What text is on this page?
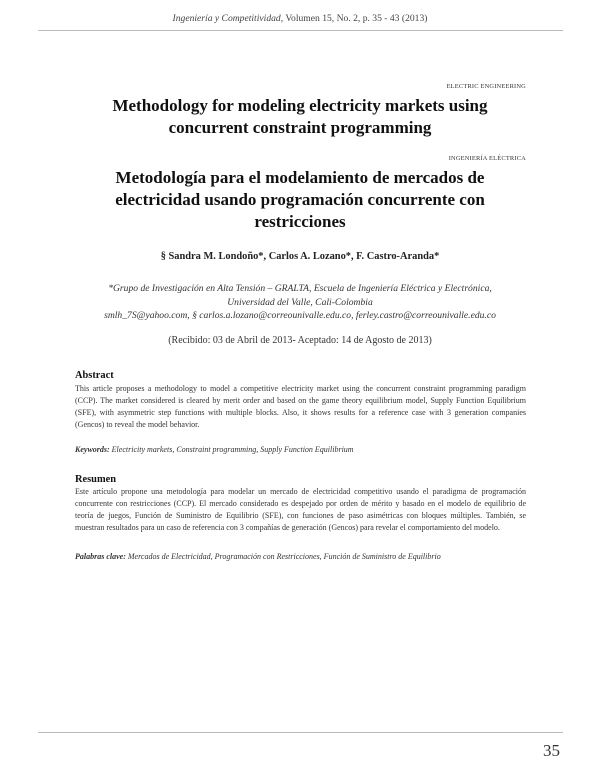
Ingeniería y Competitividad, Volumen 15, No. 2, p. 35 - 43 (2013)
ELECTRIC ENGINEERING
Methodology for modeling electricity markets using
concurrent constraint programming
INGENIERÍA ELÉCTRICA
Metodología para el modelamiento de mercados de
electricidad usando programación concurrente con
restricciones
§ Sandra M. Londoño*, Carlos A. Lozano*, F. Castro-Aranda*
*Grupo de Investigación en Alta Tensión – GRALTA, Escuela de Ingeniería Eléctrica y Electrónica,
Universidad del Valle, Cali-Colombia
smlh_7S@yahoo.com, § carlos.a.lozano@correounivalle.edu.co, ferley.castro@correounivalle.edu.co
(Recibido: 03 de Abril de 2013- Aceptado: 14 de Agosto de 2013)
Abstract
This article proposes a methodology to model a competitive electricity market using the concurrent constraint programming paradigm (CCP). The market considered is cleared by merit order and based on the game theory equilibrium model, Supply Function Equilibrium (SFE), with asymmetric step functions with multiple blocks. Also, it shows results for a reference case with 3 generation companies (Gencos) to reveal the model behavior.
Keywords: Electricity markets, Constraint programming, Supply Function Equilibrium
Resumen
Este artículo propone una metodología para modelar un mercado de electricidad competitivo usando el paradigma de programación concurrente con restricciones (CCP). El mercado considerado es despejado por orden de mérito y basado en el modelo de equilibrio de teoría de juegos, Función de Suministro de Equilibrio (SFE), con funciones de paso asimétricas con bloques múltiples. También, se muestran resultados para un caso de referencia con 3 compañías de generación (Gencos) para revelar el comportamiento del modelo.
Palabras clave: Mercados de Electricidad, Programación con Restricciones, Función de Suministro de Equilibrio
35
